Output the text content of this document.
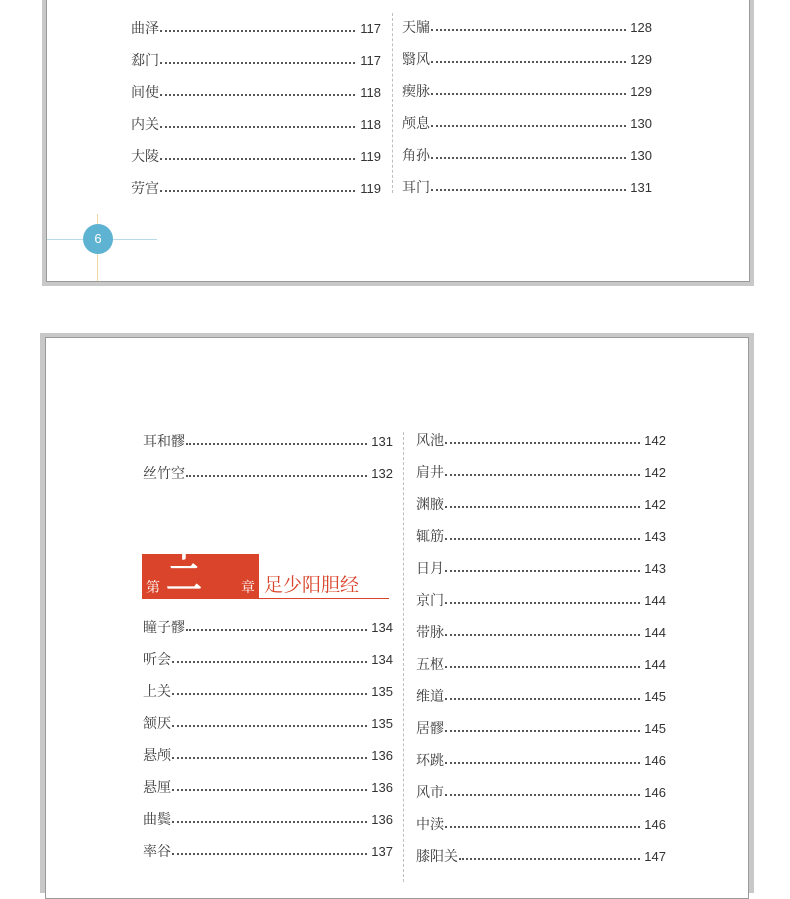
曲泽	117
郄门	117
间使	118
内关	118
大陵	119
劳宫	119
天牖	128
翳风	129
瘈脉	129
颅息	130
角孙	130
耳门	131
6
耳和髎	131
丝竹空	132
第
十二	章 足少阳胆经
瞳子髎	134
听会	134
上关	135
颔厌	135
悬颅	136
悬厘	136
曲鬓	136
率谷	137
风池	142
肩井	142
渊腋	142
辄筋	143
日月	143
京门	144
带脉	144
五枢	144
维道	145
居髎	145
环跳	146
风市	146
中渎	146
膝阳关	147
